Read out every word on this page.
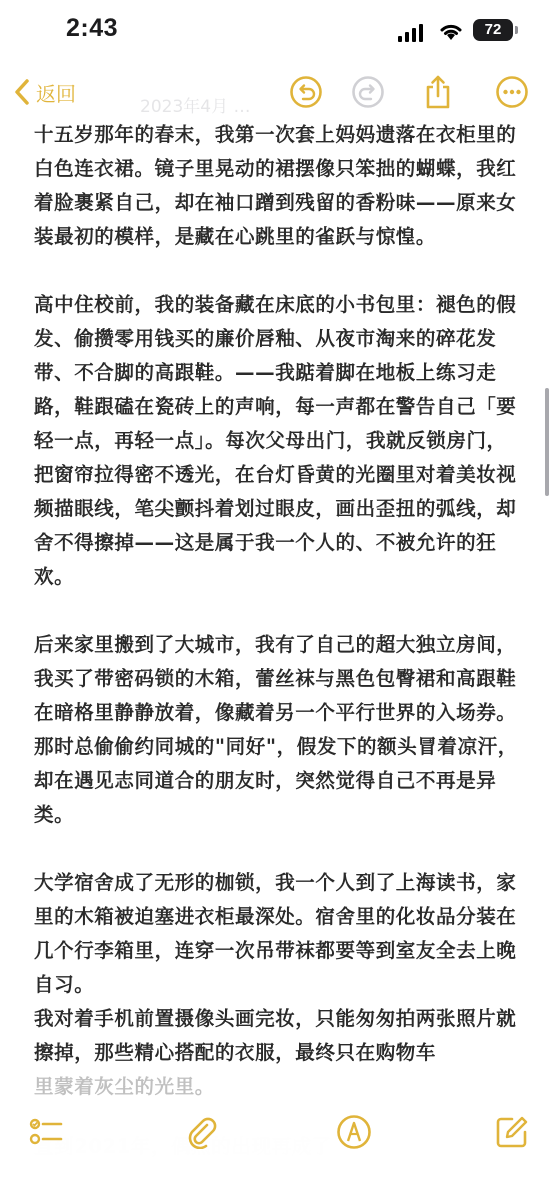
2:43	72
返回
2023年4月 …

十五岁那年的春末，我第一次套上妈妈遗落在衣柜里的白色连衣裙。镜子里晃动的裙摆像只笨拙的蝴蝶，我红着脸裹紧自己，却在袖口蹭到残留的香粉味——原来女装最初的模样，是藏在心跳里的雀跃与惊惶。

高中住校前，我的装备藏在床底的小书包里：褪色的假发、偷攒零用钱买的廉价唇釉、从夜市淘来的碎花发带、不合脚的高跟鞋。——我踮着脚在地板上练习走路，鞋跟磕在瓷砖上的声响，每一声都在警告自己「要轻一点，再轻一点」。每次父母出门，我就反锁房门，把窗帘拉得密不透光，在台灯昏黄的光圈里对着美妆视频描眼线，笔尖颤抖着划过眼皮，画出歪扭的弧线，却舍不得擦掉——这是属于我一个人的、不被允许的狂欢。

后来家里搬到了大城市，我有了自己的超大独立房间，我买了带密码锁的木箱，蕾丝袜与黑色包臀裙和高跟鞋在暗格里静静放着，像藏着另一个平行世界的入场券。那时总偷偷约同城的"同好"，假发下的额头冒着凉汗，却在遇见志同道合的朋友时，突然觉得自己不再是异类。

大学宿舍成了无形的枷锁，我一个人到了上海读书，家里的木箱被迫塞进衣柜最深处。宿舍里的化妆品分装在几个行李箱里，连穿一次吊带袜都要等到室友全去上晚自习。

我对着手机前置摄像头画完妆，只能匆匆拍两张照片就擦掉，那些精心搭配的衣服，最终只在购物车

里蒙着灰尘的光里。
